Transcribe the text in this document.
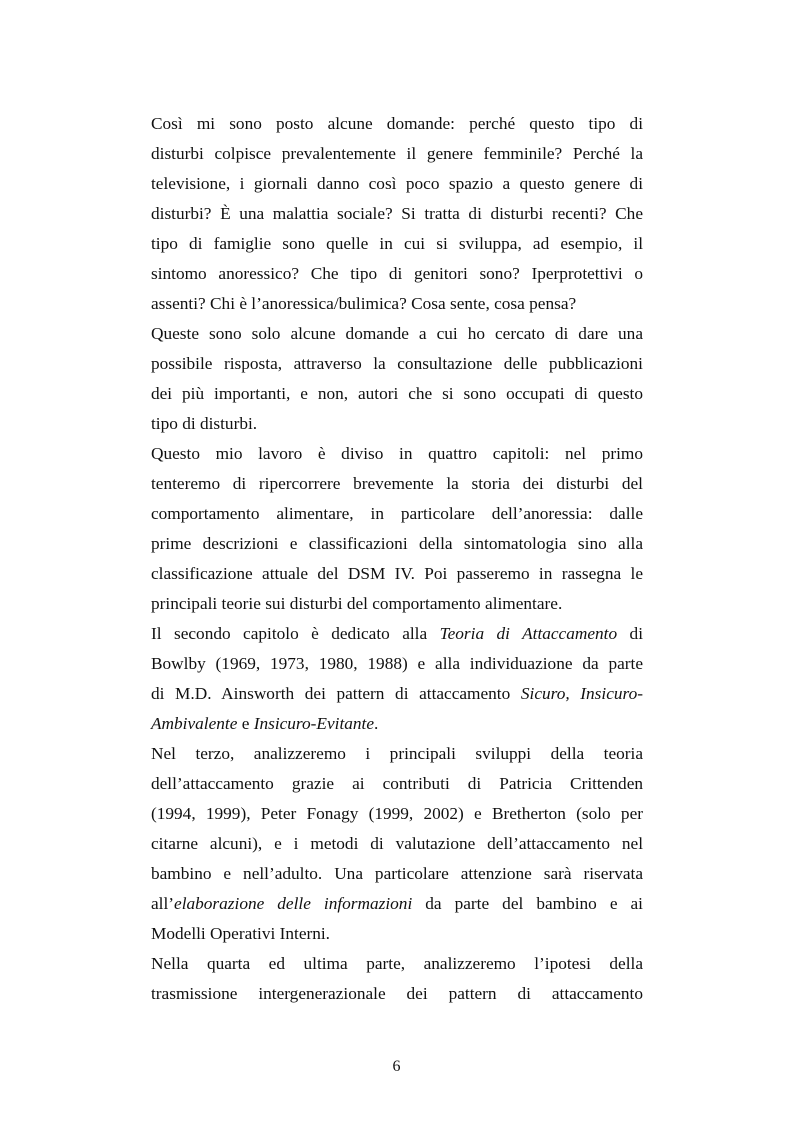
Così mi sono posto alcune domande: perché questo tipo di
disturbi colpisce prevalentemente il genere femminile? Perché la
televisione, i giornali danno così poco spazio a questo genere di
disturbi? È una malattia sociale? Si tratta di disturbi recenti? Che
tipo di famiglie sono quelle in cui si sviluppa, ad esempio, il
sintomo anoressico? Che tipo di genitori sono? Iperprotettivi o
assenti? Chi è l’anoressica/bulimica? Cosa sente, cosa pensa?
Queste sono solo alcune domande a cui ho cercato di dare una
possibile risposta, attraverso la consultazione delle pubblicazioni
dei più importanti, e non, autori che si sono occupati di questo
tipo di disturbi.
Questo mio lavoro è diviso in quattro capitoli: nel primo
tenteremo di ripercorrere brevemente la storia dei disturbi del
comportamento alimentare, in particolare dell’anoressia: dalle
prime descrizioni e classificazioni della sintomatologia sino alla
classificazione attuale del DSM IV. Poi passeremo in rassegna le
principali teorie sui disturbi del comportamento alimentare.
Il secondo capitolo è dedicato alla Teoria di Attaccamento di
Bowlby (1969, 1973, 1980, 1988) e alla individuazione da parte
di M.D. Ainsworth dei pattern di attaccamento Sicuro, Insicuro-
Ambivalente e Insicuro-Evitante.
Nel terzo, analizzeremo i principali sviluppi della teoria
dell’attaccamento grazie ai contributi di Patricia Crittenden
(1994, 1999), Peter Fonagy (1999, 2002) e Bretherton (solo per
citarne alcuni), e i metodi di valutazione dell’attaccamento nel
bambino e nell’adulto. Una particolare attenzione sarà riservata
all’elaborazione delle informazioni da parte del bambino e ai
Modelli Operativi Interni.
Nella quarta ed ultima parte, analizzeremo l’ipotesi della
trasmissione intergenerazionale dei pattern di attaccamento
6
